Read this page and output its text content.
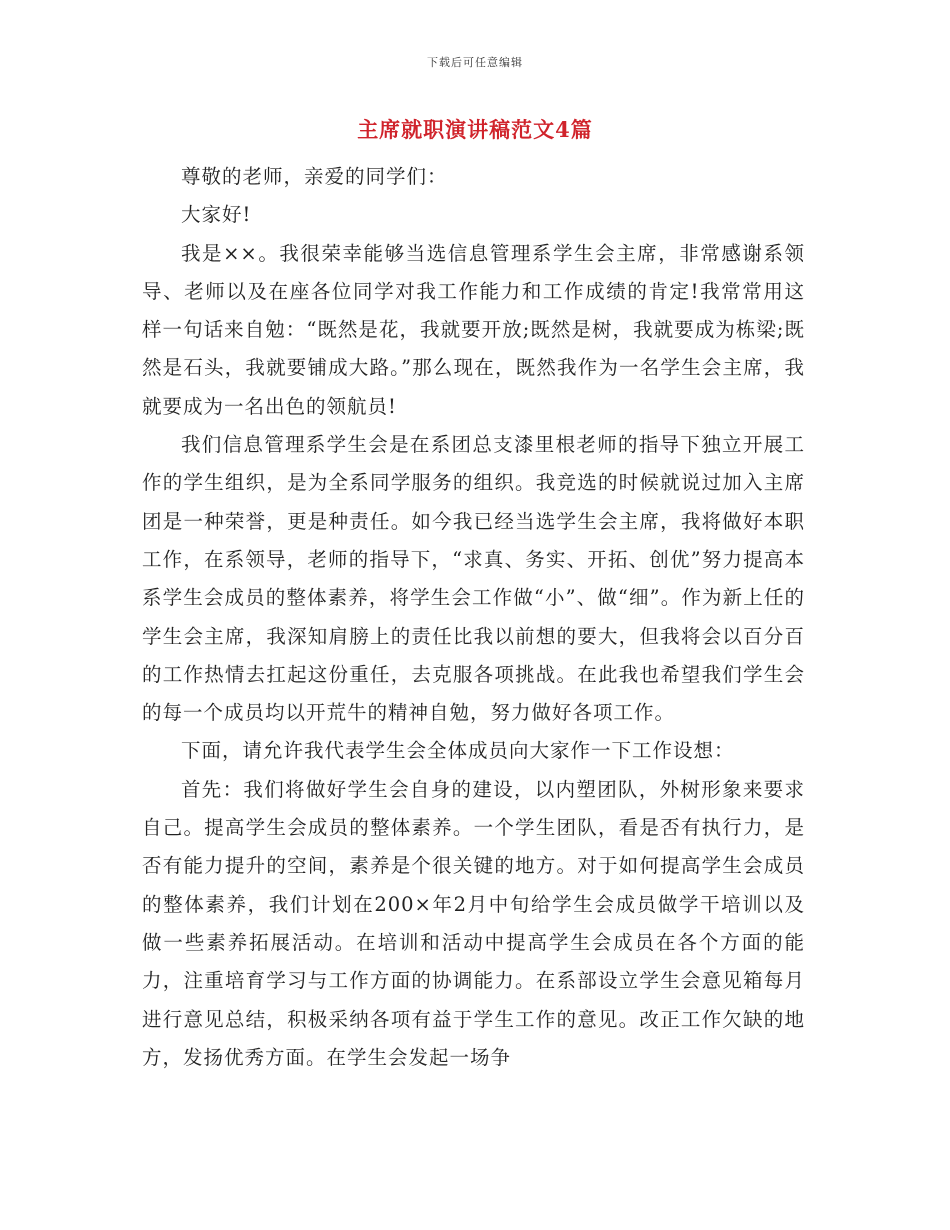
下载后可任意编辑
主席就职演讲稿范文4篇

尊敬的老师，亲爱的同学们：

大家好!

我是××。我很荣幸能够当选信息管理系学生会主席，非常感谢系领导、老师以及在座各位同学对我工作能力和工作成绩的肯定!我常常用这样一句话来自勉：“既然是花，我就要开放;既然是树，我就要成为栋梁;既然是石头，我就要铺成大路。”那么现在，既然我作为一名学生会主席，我就要成为一名出色的领航员!

我们信息管理系学生会是在系团总支漆里根老师的指导下独立开展工作的学生组织，是为全系同学服务的组织。我竞选的时候就说过加入主席团是一种荣誉，更是种责任。如今我已经当选学生会主席，我将做好本职工作，在系领导，老师的指导下，“求真、务实、开拓、创优”努力提高本系学生会成员的整体素养，将学生会工作做“小”、做“细”。作为新上任的学生会主席，我深知肩膀上的责任比我以前想的要大，但我将会以百分百的工作热情去扛起这份重任，去克服各项挑战。在此我也希望我们学生会的每一个成员均以开荒牛的精神自勉，努力做好各项工作。

下面，请允许我代表学生会全体成员向大家作一下工作设想：

首先：我们将做好学生会自身的建设，以内塑团队，外树形象来要求自己。提高学生会成员的整体素养。一个学生团队，看是否有执行力，是否有能力提升的空间，素养是个很关键的地方。对于如何提高学生会成员的整体素养，我们计划在200×年2月中旬给学生会成员做学干培训以及做一些素养拓展活动。在培训和活动中提高学生会成员在各个方面的能力，注重培育学习与工作方面的协调能力。在系部设立学生会意见箱每月进行意见总结，积极采纳各项有益于学生工作的意见。改正工作欠缺的地方，发扬优秀方面。在学生会发起一场争
